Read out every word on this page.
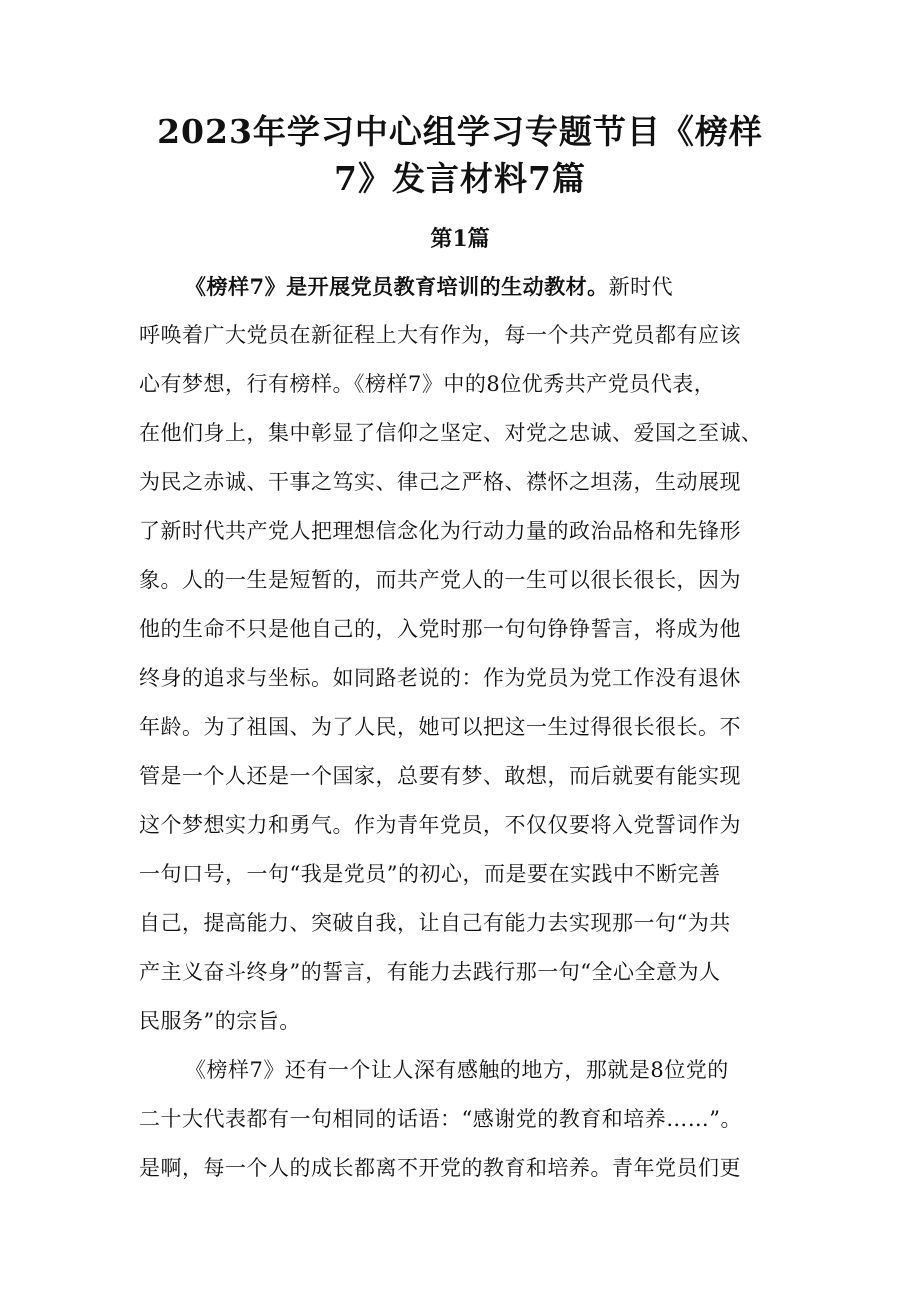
2023年学习中心组学习专题节目《榜样
7》发言材料7篇
第1篇

《榜样7》是开展党员教育培训的生动教材。新时代

呼唤着广大党员在新征程上大有作为，每一个共产党员都有应该

心有梦想，行有榜样。《榜样7》中的8位优秀共产党员代表，

在他们身上，集中彰显了信仰之坚定、对党之忠诚、爱国之至诚、

为民之赤诚、干事之笃实、律己之严格、襟怀之坦荡，生动展现

了新时代共产党人把理想信念化为行动力量的政治品格和先锋形

象。人的一生是短暂的，而共产党人的一生可以很长很长，因为

他的生命不只是他自己的，入党时那一句句铮铮誓言，将成为他

终身的追求与坐标。如同路老说的：作为党员为党工作没有退休

年龄。为了祖国、为了人民，她可以把这一生过得很长很长。不

管是一个人还是一个国家，总要有梦、敢想，而后就要有能实现

这个梦想实力和勇气。作为青年党员，不仅仅要将入党誓词作为

一句口号，一句“我是党员”的初心，而是要在实践中不断完善

自己，提高能力、突破自我，让自己有能力去实现那一句“为共

产主义奋斗终身”的誓言，有能力去践行那一句“全心全意为人

民服务”的宗旨。

《榜样7》还有一个让人深有感触的地方，那就是8位党的

二十大代表都有一句相同的话语：“感谢党的教育和培养……”。

是啊，每一个人的成长都离不开党的教育和培养。青年党员们更
